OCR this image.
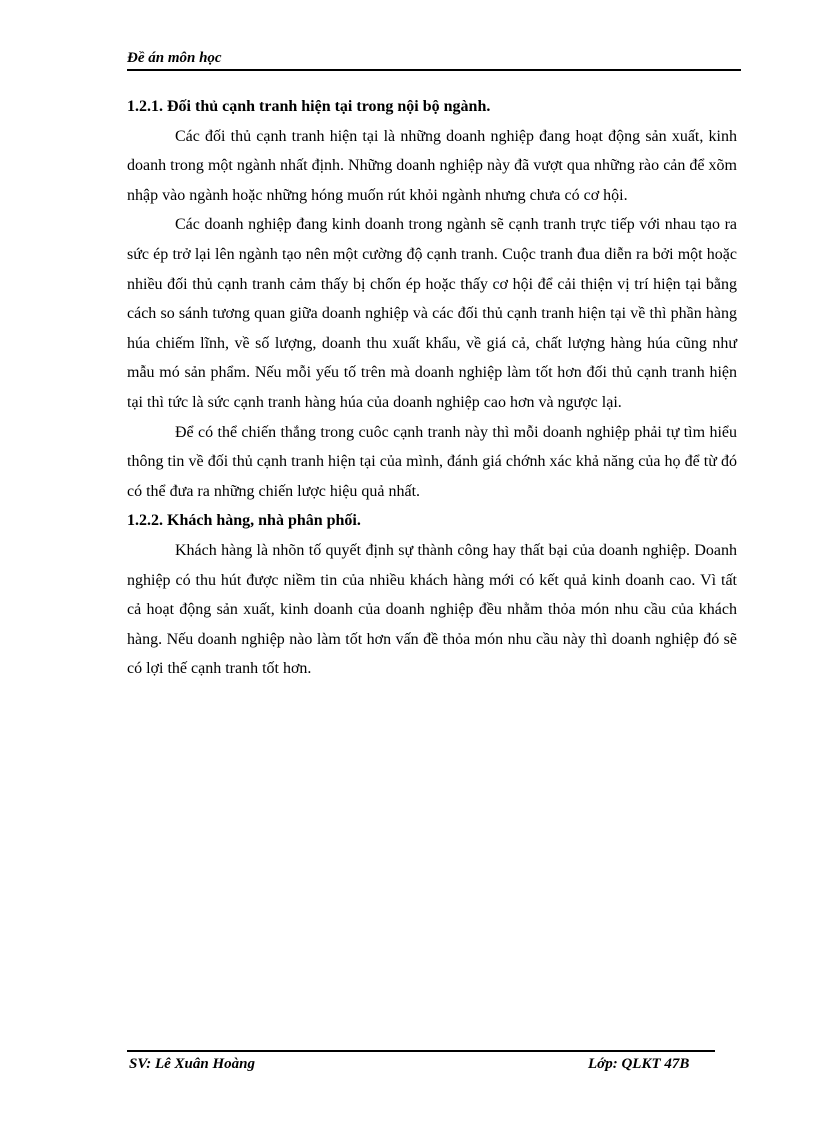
Đề án môn học

1.2.1. Đối thủ cạnh tranh hiện tại trong nội bộ ngành.

Các đối thủ cạnh tranh hiện tại là những doanh nghiệp đang hoạt động sản xuất, kinh doanh trong một ngành nhất định. Những doanh nghiệp này đã vượt qua những rào cản để xõm nhập vào ngành hoặc những hóng muốn rút khỏi ngành nhưng chưa có cơ hội.

Các doanh nghiệp đang kinh doanh trong ngành sẽ cạnh tranh trực tiếp với nhau tạo ra sức ép trở lại lên ngành tạo nên một cường độ cạnh tranh. Cuộc tranh đua diễn ra bởi một hoặc nhiều đối thủ cạnh tranh cảm thấy bị chốn ép hoặc thấy cơ hội để cải thiện vị trí hiện tại bằng cách so sánh tương quan giữa doanh nghiệp và các đối thủ cạnh tranh hiện tại về thì phần hàng húa chiếm lĩnh, về số lượng, doanh thu xuất khẩu, về giá cả, chất lượng hàng húa cũng như mẫu mó sản phẩm. Nếu mỗi yếu tố trên mà doanh nghiệp làm tốt hơn đối thủ cạnh tranh hiện tại thì tức là sức cạnh tranh hàng húa của doanh nghiệp cao hơn và ngược lại.

Để có thể chiến thắng trong cuôc cạnh tranh này thì mỗi doanh nghiệp phải tự tìm hiểu thông tin về đối thủ cạnh tranh hiện tại của mình, đánh giá chớnh xác khả năng của họ để từ đó có thể đưa ra những chiến lược hiệu quả nhất.

1.2.2. Khách hàng, nhà phân phối.

Khách hàng là nhõn tố quyết định sự thành công hay thất bại của doanh nghiệp. Doanh nghiệp có thu hút được niềm tin của nhiều khách hàng mới có kết quả kinh doanh cao. Vì tất cả hoạt động sản xuất, kinh doanh của doanh nghiệp đều nhằm thỏa món nhu cầu của khách hàng. Nếu doanh nghiệp nào làm tốt hơn vấn đề thỏa món nhu cầu này thì doanh nghiệp đó sẽ có lợi thế cạnh tranh tốt hơn.

SV: Lê Xuân Hoàng	Lớp: QLKT 47B
